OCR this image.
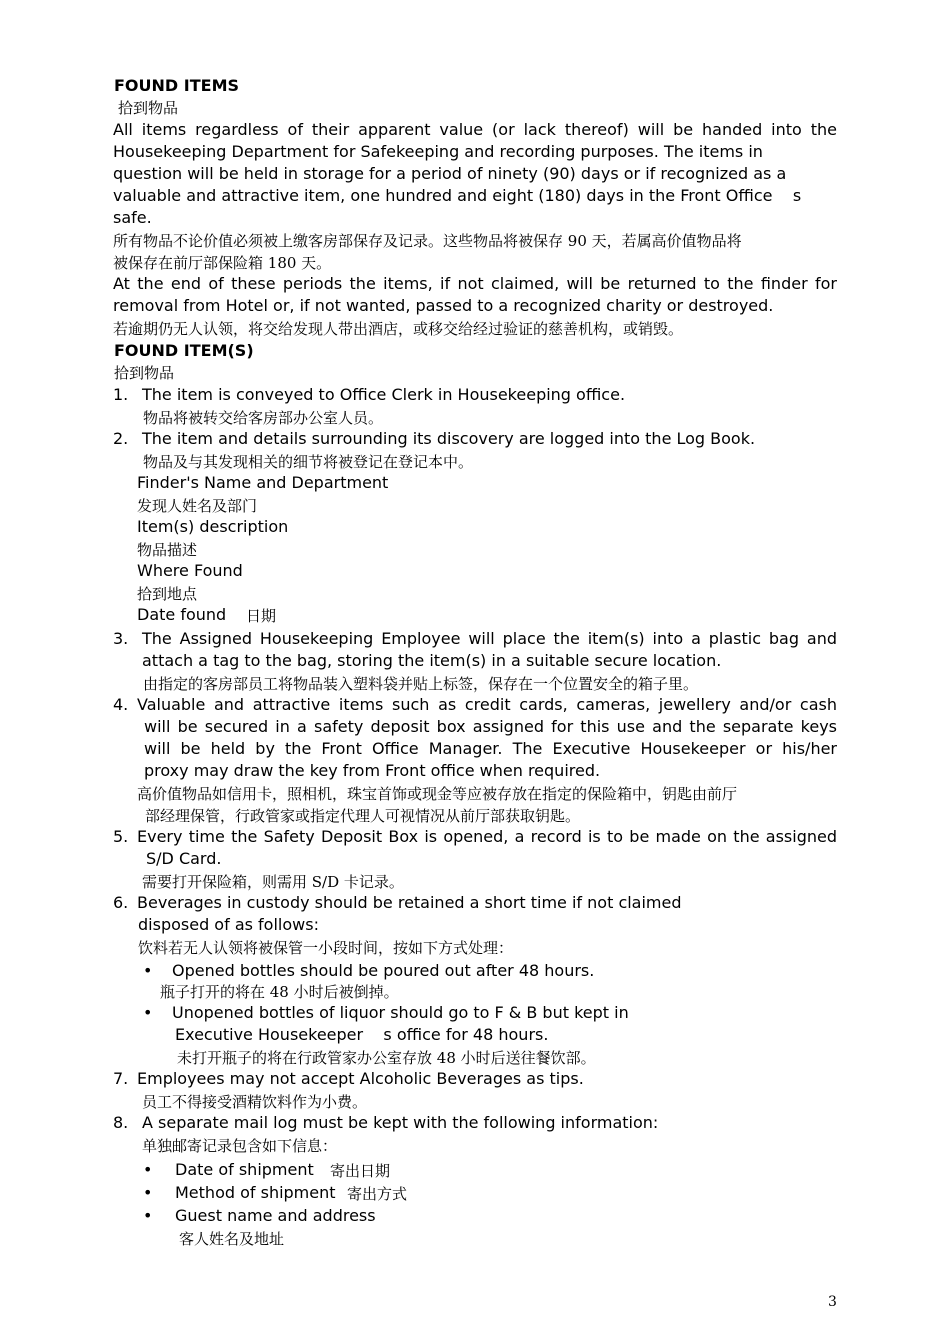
FOUND ITEMS
拾到物品
All items regardless of their apparent value (or lack thereof) will be handed into the
Housekeeping Department for Safekeeping and recording purposes. The items in
question will be held in storage for a period of ninety (90) days or if recognized as a
valuable and attractive item, one hundred and eight (180) days in the Front Office    s
safe.
所有物品不论价值必须被上缴客房部保存及记录。这些物品将被保存 90 天，若属高价值物品将
被保存在前厅部保险箱 180 天。
At the end of these periods the items, if not claimed, will be returned to the finder for
removal from Hotel or, if not wanted, passed to a recognized charity or destroyed.
若逾期仍无人认领，将交给发现人带出酒店，或移交给经过验证的慈善机构，或销毁。
FOUND ITEM(S)
拾到物品
1. The item is conveyed to Office Clerk in Housekeeping office.
物品将被转交给客房部办公室人员。
2. The item and details surrounding its discovery are logged into the Log Book.
物品及与其发现相关的细节将被登记在登记本中。
Finder's Name and Department
发现人姓名及部门
Item(s) description
物品描述
Where Found
拾到地点
Date found 日期
3. The Assigned Housekeeping Employee will place the item(s) into a plastic bag and
attach a tag to the bag, storing the item(s) in a suitable secure location.
由指定的客房部员工将物品装入塑料袋并贴上标签，保存在一个位置安全的箱子里。
4. Valuable and attractive items such as credit cards, cameras, jewellery and/or cash
will be secured in a safety deposit box assigned for this use and the separate keys
will be held by the Front Office Manager. The Executive Housekeeper or his/her
proxy may draw the key from Front office when required.
高价值物品如信用卡，照相机，珠宝首饰或现金等应被存放在指定的保险箱中，钥匙由前厅
部经理保管，行政管家或指定代理人可视情况从前厅部获取钥匙。
5. Every time the Safety Deposit Box is opened, a record is to be made on the assigned
S/D Card.
需要打开保险箱，则需用 S/D 卡记录。
6. Beverages in custody should be retained a short time if not claimed
disposed of as follows:
饮料若无人认领将被保管一小段时间，按如下方式处理：
• Opened bottles should be poured out after 48 hours.
瓶子打开的将在 48 小时后被倒掉。
• Unopened bottles of liquor should go to F & B but kept in
Executive Housekeeper    s office for 48 hours.
未打开瓶子的将在行政管家办公室存放 48 小时后送往餐饮部。
7. Employees may not accept Alcoholic Beverages as tips.
员工不得接受酒精饮料作为小费。
8. A separate mail log must be kept with the following information:
单独邮寄记录包含如下信息：
• Date of shipment 寄出日期
• Method of shipment 寄出方式
• Guest name and address
客人姓名及地址
3
